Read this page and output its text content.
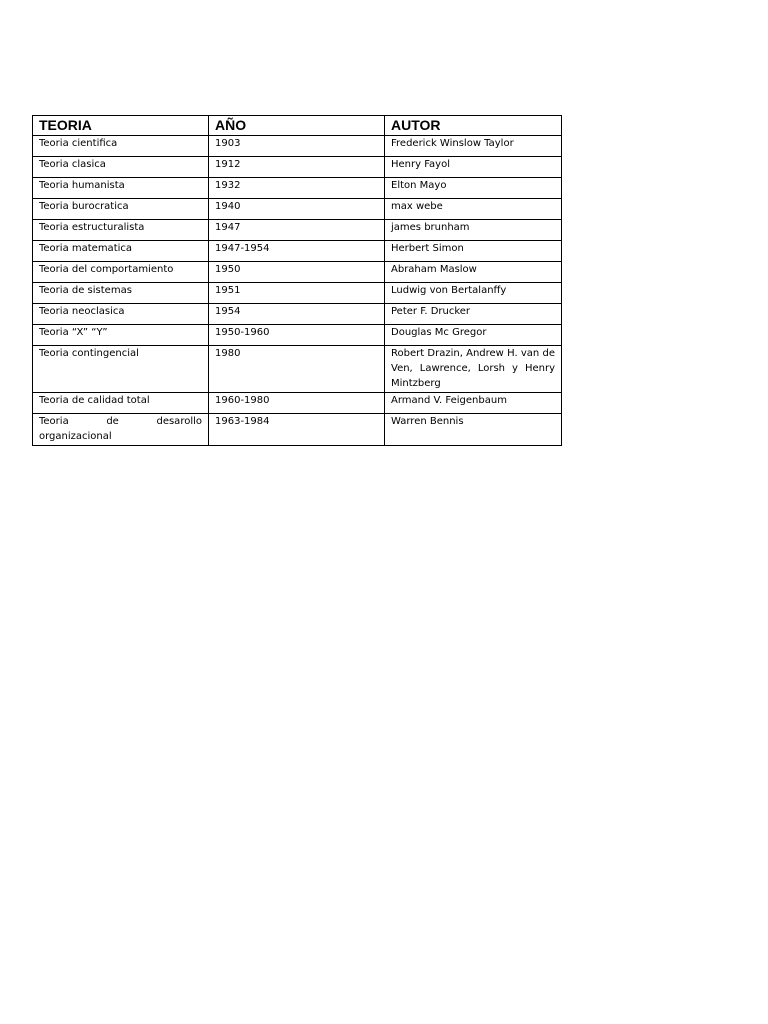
TEORIA	AÑO	AUTOR
Teoria cientifica	1903	Frederick Winslow Taylor
Teoria clasica	1912	Henry Fayol
Teoria humanista	1932	Elton Mayo
Teoria burocratica	1940	max webe
Teoria estructuralista	1947	james brunham
Teoria matematica	1947-1954	Herbert Simon
Teoria del comportamiento	1950	Abraham Maslow
Teoria de sistemas	1951	Ludwig von Bertalanffy
Teoria neoclasica	1954	Peter F. Drucker
Teoria “X” “Y”	1950-1960	Douglas Mc Gregor
Teoria contingencial	1980	Robert Drazin, Andrew H. van de Ven, Lawrence, Lorsh y Henry Mintzberg
Teoria de calidad total	1960-1980	Armand V. Feigenbaum
Teoria de desarollo organizacional	1963-1984	Warren Bennis
